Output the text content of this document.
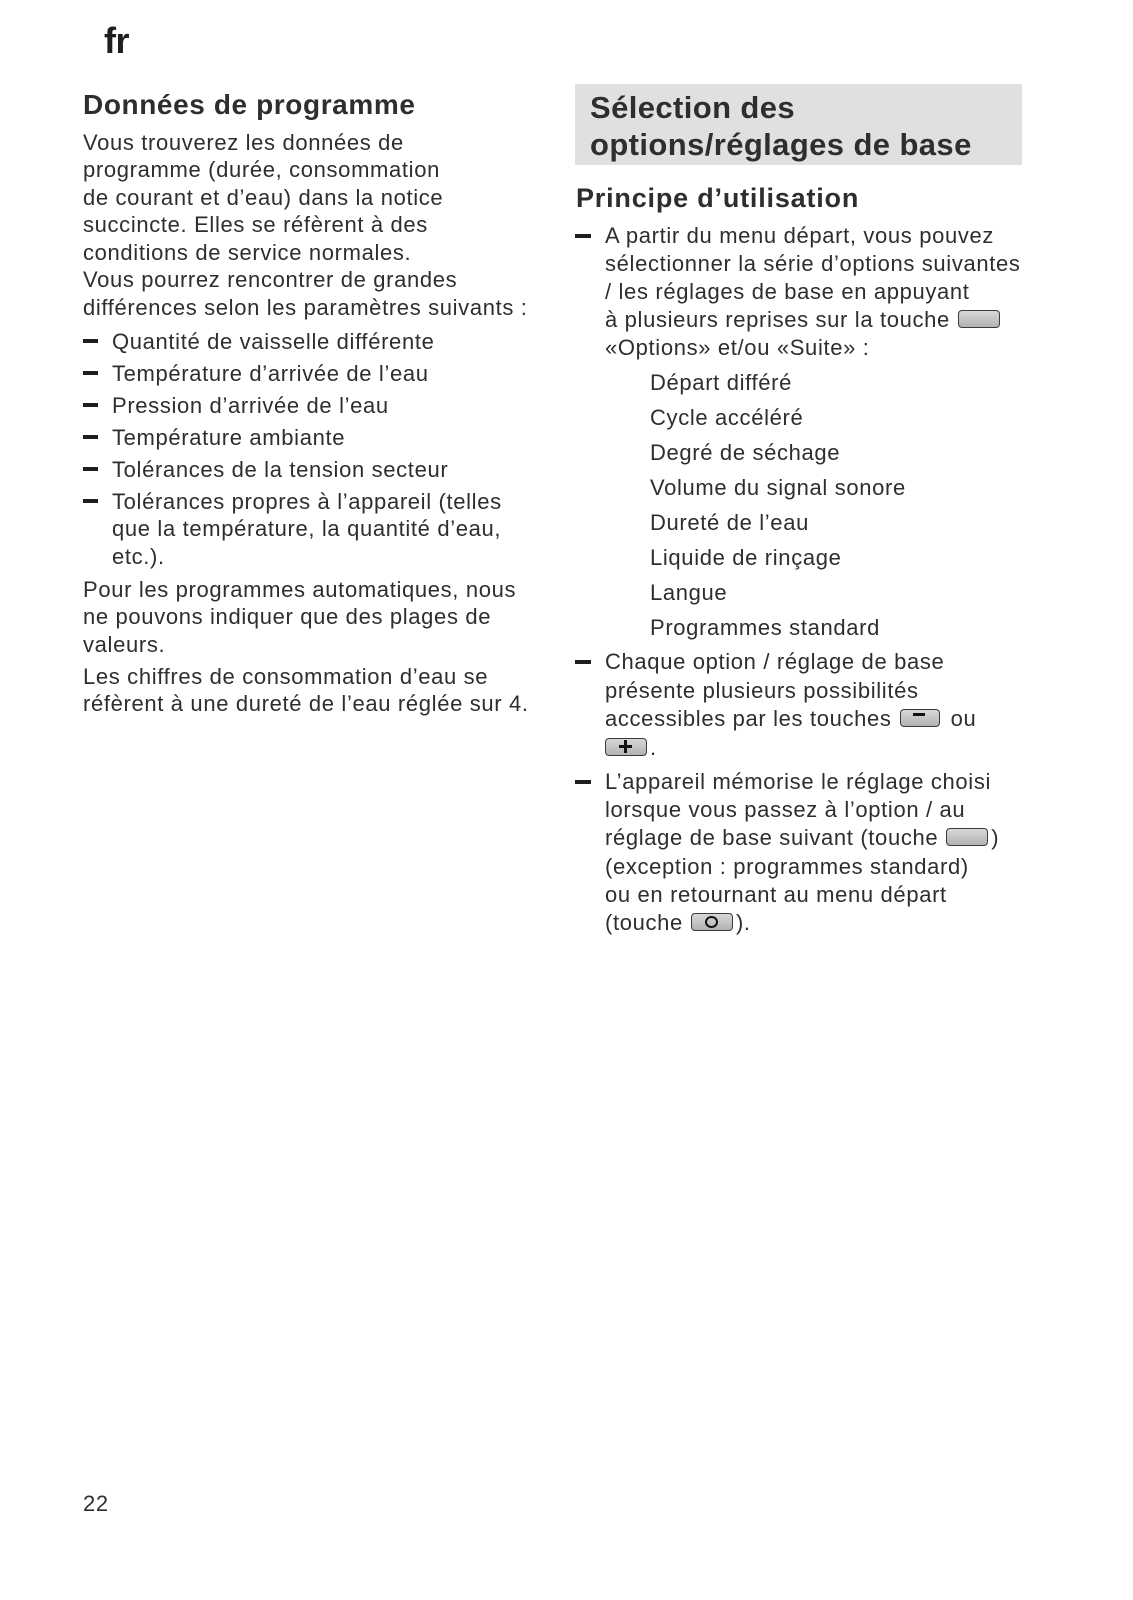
fr
Données de programme
Vous trouverez les données de
programme (durée, consommation
de courant et d’eau) dans la notice
succincte. Elles se réfèrent à des
conditions de service normales.
Vous pourrez rencontrer de grandes
différences selon les paramètres suivants :
Quantité de vaisselle différente
Température d’arrivée de l’eau
Pression d’arrivée de l’eau
Température ambiante
Tolérances de la tension secteur
Tolérances propres à l’appareil (telles
que la température, la quantité d’eau,
etc.).
Pour les programmes automatiques, nous
ne pouvons indiquer que des plages de
valeurs.
Les chiffres de consommation d’eau se
réfèrent à une dureté de l’eau réglée sur 4.
Sélection des
options/réglages de base
Principe d’utilisation
A partir du menu départ, vous pouvez
sélectionner la série d’options suivantes
/ les réglages de base en appuyant
à plusieurs reprises sur la touche
«Options» et/ou «Suite» :
Départ différé
Cycle accéléré
Degré de séchage
Volume du signal sonore
Dureté de l’eau
Liquide de rinçage
Langue
Programmes standard
Chaque option / réglage de base
présente plusieurs possibilités
accessibles par les touches	ou
.
L’appareil mémorise le réglage choisi
lorsque vous passez à l’option / au
réglage de base suivant (touche )
(exception : programmes standard)
ou en retournant au menu départ
(touche ).
22
